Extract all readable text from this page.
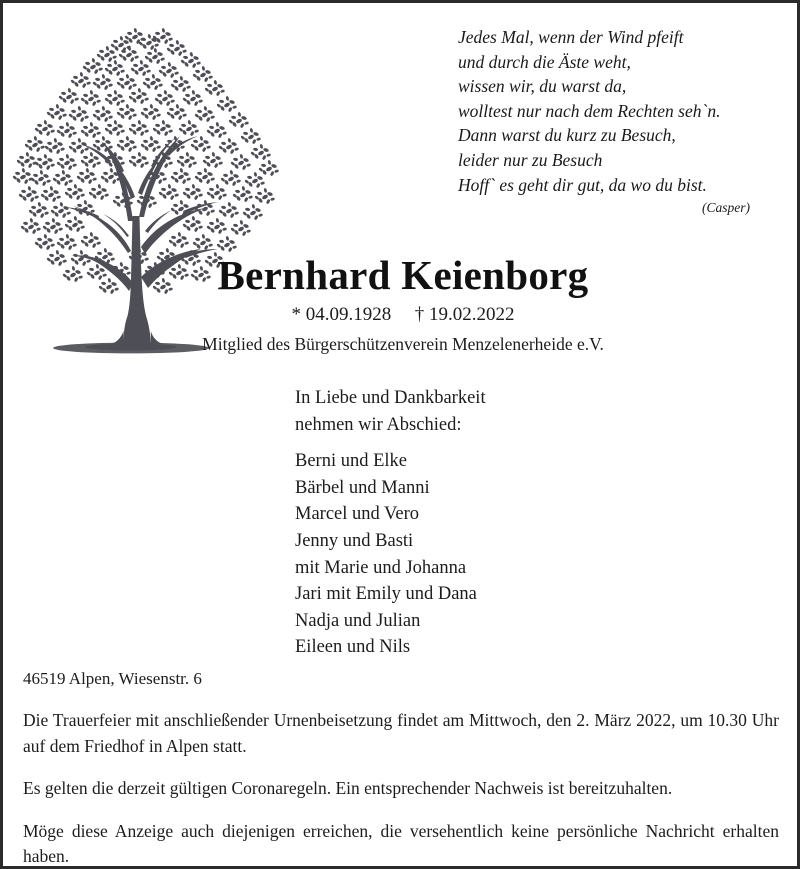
Jedes Mal, wenn der Wind pfeift
und durch die Äste weht,
wissen wir, du warst da,
wolltest nur nach dem Rechten seh`n.
Dann warst du kurz zu Besuch,
leider nur zu Besuch
Hoff` es geht dir gut, da wo du bist.
(Casper)
Bernhard Keienborg
* 04.09.1928 † 19.02.2022
Mitglied des Bürgerschützenverein Menzelenerheide e.V.
In Liebe und Dankbarkeit
nehmen wir Abschied:
Berni und Elke
Bärbel und Manni
Marcel und Vero
Jenny und Basti
mit Marie und Johanna
Jari mit Emily und Dana
Nadja und Julian
Eileen und Nils
46519 Alpen, Wiesenstr. 6
Die Trauerfeier mit anschließender Urnenbeisetzung findet am Mittwoch, den 2. März 2022, um 10.30 Uhr auf dem Friedhof in Alpen statt.
Es gelten die derzeit gültigen Coronaregeln. Ein entsprechender Nachweis ist bereitzuhalten.
Möge diese Anzeige auch diejenigen erreichen, die versehentlich keine persönliche Nachricht erhalten haben.
